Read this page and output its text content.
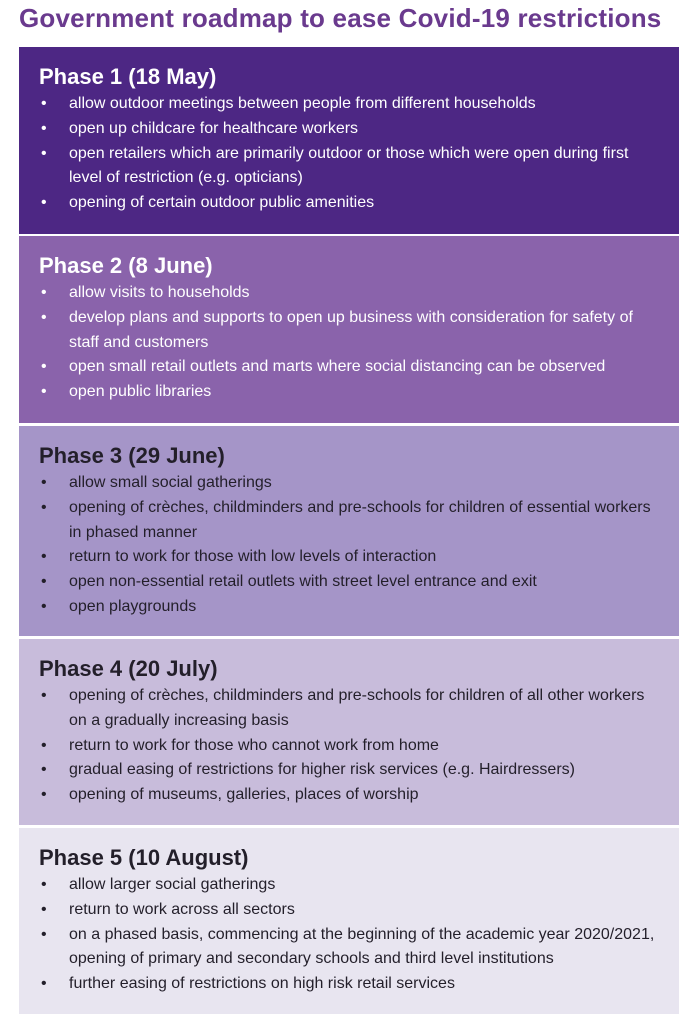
Government roadmap to ease Covid-19 restrictions
Phase 1 (18 May)
• allow outdoor meetings between people from different households
• open up childcare for healthcare workers
• open retailers which are primarily outdoor or those which were open during first level of restriction (e.g. opticians)
• opening of certain outdoor public amenities
Phase 2 (8 June)
• allow visits to households
• develop plans and supports to open up business with consideration for safety of staff and customers
• open small retail outlets and marts where social distancing can be observed
• open public libraries
Phase 3 (29 June)
• allow small social gatherings
• opening of crèches, childminders and pre-schools for children of essential workers in phased manner
• return to work for those with low levels of interaction
• open non-essential retail outlets with street level entrance and exit
• open playgrounds
Phase 4 (20 July)
• opening of crèches, childminders and pre-schools for children of all other workers on a gradually increasing basis
• return to work for those who cannot work from home
• gradual easing of restrictions for higher risk services (e.g. Hairdressers)
• opening of museums, galleries, places of worship
Phase 5 (10 August)
• allow larger social gatherings
• return to work across all sectors
• on a phased basis, commencing at the beginning of the academic year 2020/2021, opening of primary and secondary schools and third level institutions
• further easing of restrictions on high risk retail services
